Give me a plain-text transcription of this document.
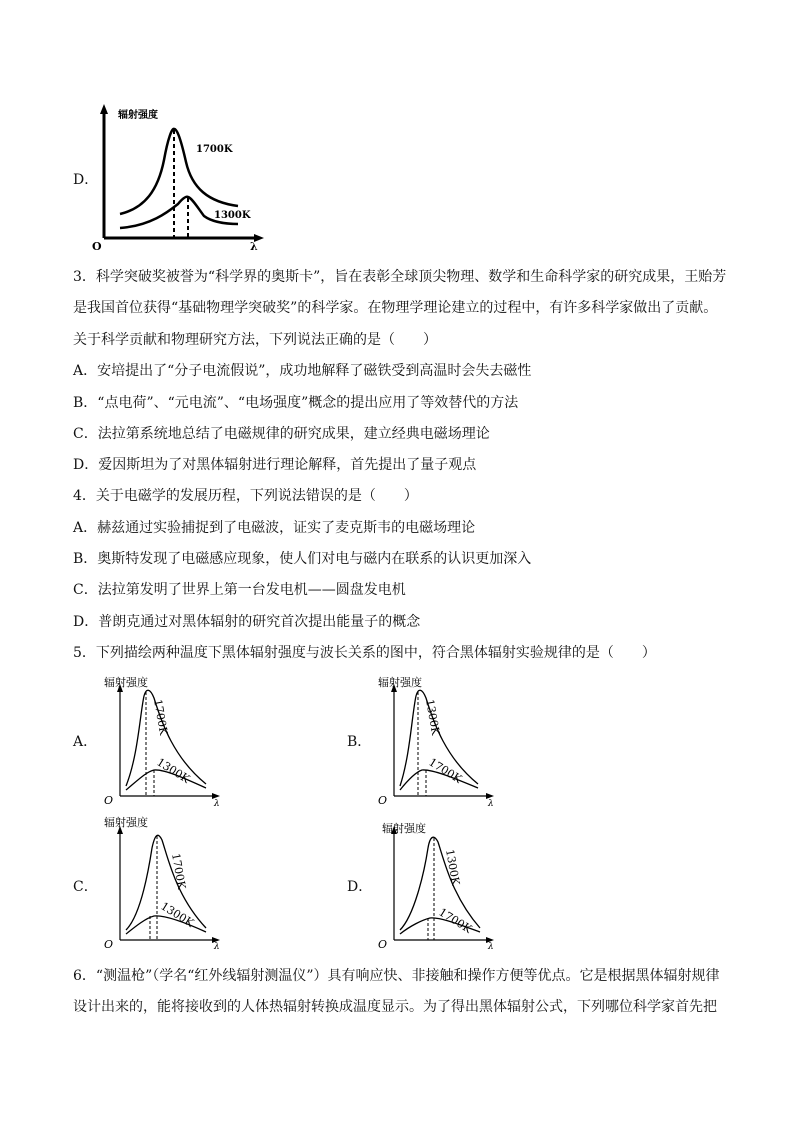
D．
辐射强度
O	λ
1700K
1300K
3．科学突破奖被誉为“科学界的奥斯卡”，旨在表彰全球顶尖物理、数学和生命科学家的研究成果，王贻芳
是我国首位获得“基础物理学突破奖”的科学家。在物理学理论建立的过程中，有许多科学家做出了贡献。
关于科学贡献和物理研究方法，下列说法正确的是（　　）
A．安培提出了“分子电流假说”，成功地解释了磁铁受到高温时会失去磁性
B．“点电荷”、“元电流”、“电场强度”概念的提出应用了等效替代的方法
C．法拉第系统地总结了电磁规律的研究成果，建立经典电磁场理论
D．爱因斯坦为了对黑体辐射进行理论解释，首先提出了量子观点
4．关于电磁学的发展历程，下列说法错误的是（　　）
A．赫兹通过实验捕捉到了电磁波，证实了麦克斯韦的电磁场理论
B．奥斯特发现了电磁感应现象，使人们对电与磁内在联系的认识更加深入
C．法拉第发明了世界上第一台发电机——圆盘发电机
D．普朗克通过对黑体辐射的研究首次提出能量子的概念
5．下列描绘两种温度下黑体辐射强度与波长关系的图中，符合黑体辐射实验规律的是（　　）
A．	B．
C．	D．
辐射强度
O	λ
1700K
1300K
辐射强度
O	λ
1300K
1700K
辐射强度
O	λ
1700K
1300K
辐射强度
O	λ
1300K
1700K
6．“测温枪”（学名“红外线辐射测温仪”）具有响应快、非接触和操作方便等优点。它是根据黑体辐射规律
设计出来的，能将接收到的人体热辐射转换成温度显示。为了得出黑体辐射公式，下列哪位科学家首先把
